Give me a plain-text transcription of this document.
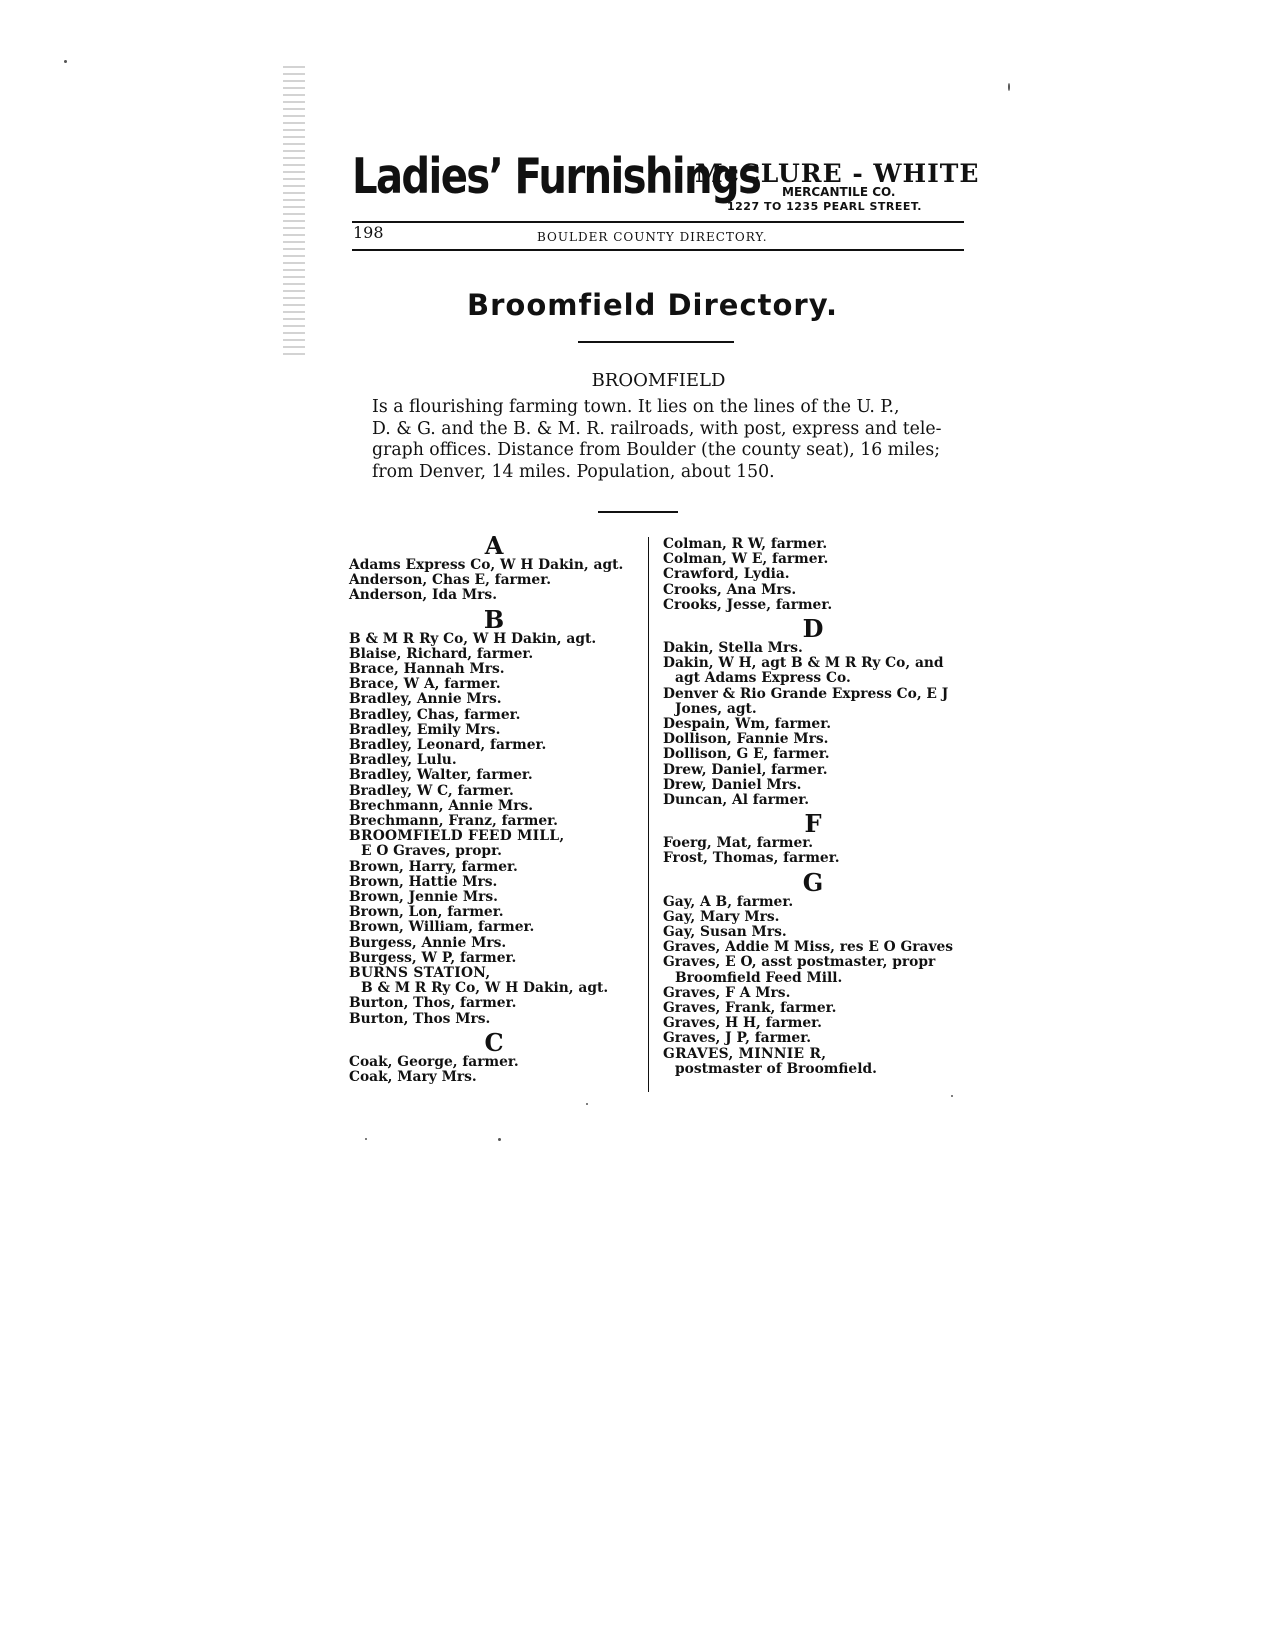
Ladies’ Furnishings
McCLURE - WHITE
MERCANTILE CO.
1227 TO 1235 PEARL STREET.
198	BOULDER COUNTY DIRECTORY.
Broomfield Directory.
BROOMFIELD
Is a flourishing farming town. It lies on the lines of the U. P.,
D. & G. and the B. & M. R. railroads, with post, express and tele-
graph offices. Distance from Boulder (the county seat), 16 miles;
from Denver, 14 miles. Population, about 150.
A
Adams Express Co, W H Dakin, agt.
Anderson, Chas E, farmer.
Anderson, Ida Mrs.
B
B & M R Ry Co, W H Dakin, agt.
Blaise, Richard, farmer.
Brace, Hannah Mrs.
Brace, W A, farmer.
Bradley, Annie Mrs.
Bradley, Chas, farmer.
Bradley, Emily Mrs.
Bradley, Leonard, farmer.
Bradley, Lulu.
Bradley, Walter, farmer.
Bradley, W C, farmer.
Brechmann, Annie Mrs.
Brechmann, Franz, farmer.
BROOMFIELD FEED MILL,
E O Graves, propr.
Brown, Harry, farmer.
Brown, Hattie Mrs.
Brown, Jennie Mrs.
Brown, Lon, farmer.
Brown, William, farmer.
Burgess, Annie Mrs.
Burgess, W P, farmer.
BURNS STATION,
B & M R Ry Co, W H Dakin, agt.
Burton, Thos, farmer.
Burton, Thos Mrs.
C
Coak, George, farmer.
Coak, Mary Mrs.
Colman, R W, farmer.
Colman, W E, farmer.
Crawford, Lydia.
Crooks, Ana Mrs.
Crooks, Jesse, farmer.
D
Dakin, Stella Mrs.
Dakin, W H, agt B & M R Ry Co, and
agt Adams Express Co.
Denver & Rio Grande Express Co, E J
Jones, agt.
Despain, Wm, farmer.
Dollison, Fannie Mrs.
Dollison, G E, farmer.
Drew, Daniel, farmer.
Drew, Daniel Mrs.
Duncan, Al farmer.
F
Foerg, Mat, farmer.
Frost, Thomas, farmer.
G
Gay, A B, farmer.
Gay, Mary Mrs.
Gay, Susan Mrs.
Graves, Addie M Miss, res E O Graves
Graves, E O, asst postmaster, propr
Broomfield Feed Mill.
Graves, F A Mrs.
Graves, Frank, farmer.
Graves, H H, farmer.
Graves, J P, farmer.
GRAVES, MINNIE R,
postmaster of Broomfield.
